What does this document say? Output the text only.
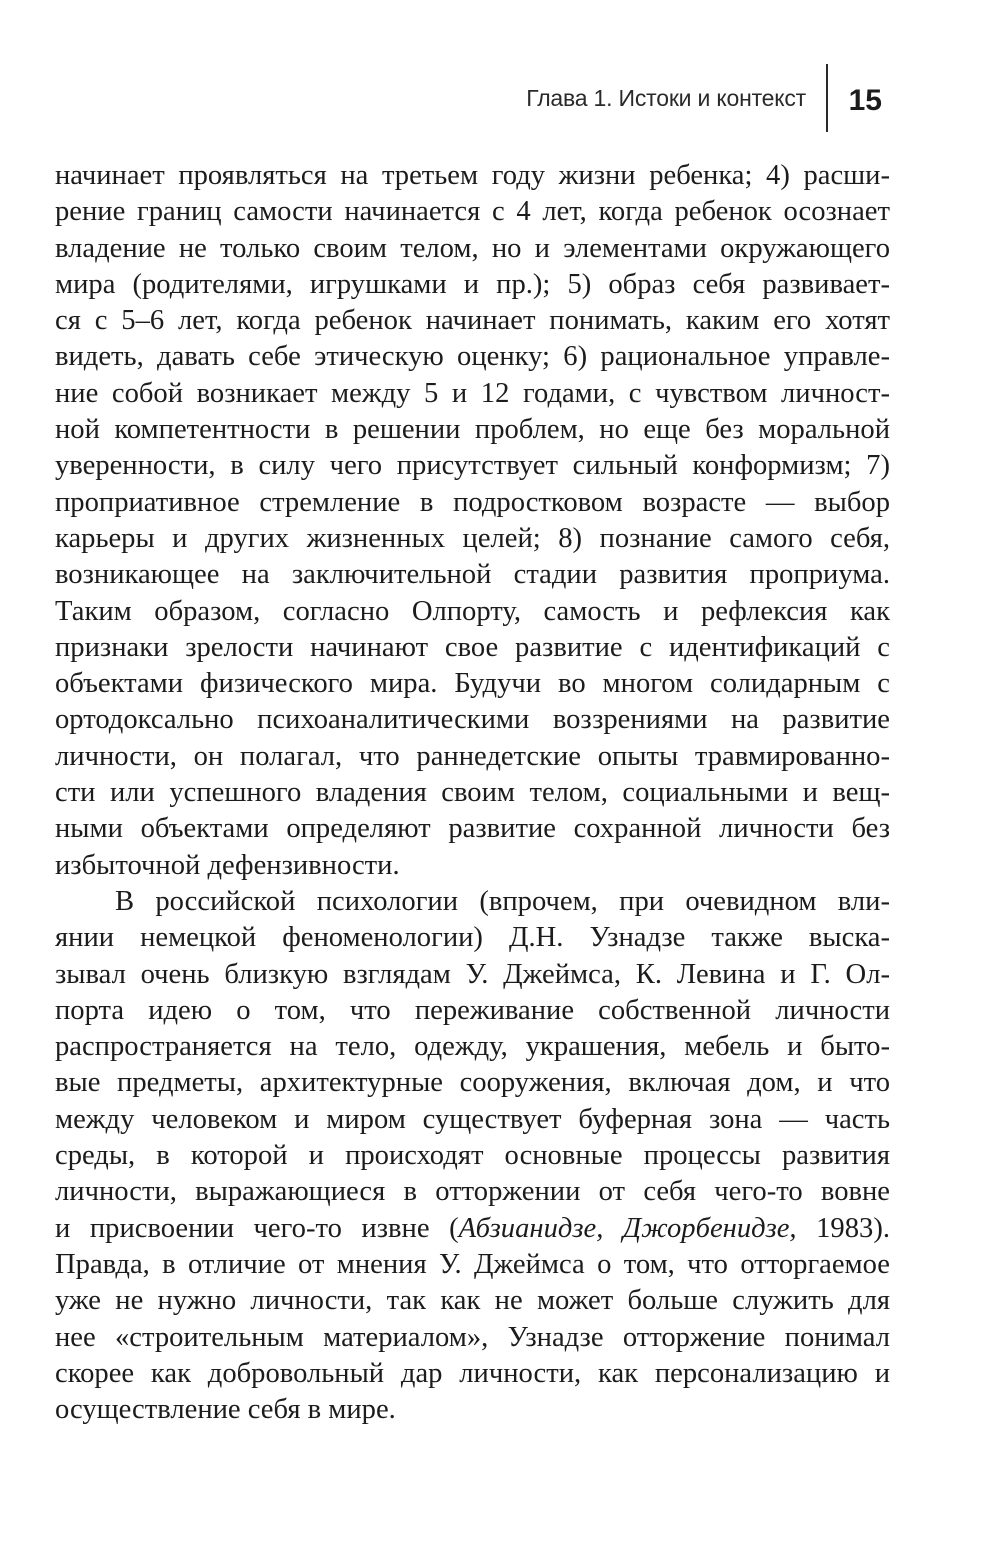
Глава 1. Истоки и контекст	15
начинает проявляться на третьем году жизни ребенка; 4) расши-
рение границ самости начинается с 4 лет, когда ребенок осознает
владение не только своим телом, но и элементами окружающего
мира (родителями, игрушками и пр.); 5) образ себя развивает-
ся с 5–6 лет, когда ребенок начинает понимать, каким его хотят
видеть, давать себе этическую оценку; 6) рациональное управле-
ние собой возникает между 5 и 12 годами, с чувством личност-
ной компетентности в решении проблем, но еще без моральной
уверенности, в силу чего присутствует сильный конформизм; 7)
проприативное стремление в подростковом возрасте — выбор
карьеры и других жизненных целей; 8) познание самого себя,
возникающее на заключительной стадии развития проприума.
Таким образом, согласно Олпорту, самость и рефлексия как
признаки зрелости начинают свое развитие с идентификаций с
объектами физического мира. Будучи во многом солидарным с
ортодоксально психоаналитическими воззрениями на развитие
личности, он полагал, что раннедетские опыты травмированно-
сти или успешного владения своим телом, социальными и вещ-
ными объектами определяют развитие сохранной личности без
избыточной дефензивности.
В российской психологии (впрочем, при очевидном вли-
янии немецкой феноменологии) Д.Н. Узнадзе также выска-
зывал очень близкую взглядам У. Джеймса, К. Левина и Г. Ол-
порта идею о том, что переживание собственной личности
распространяется на тело, одежду, украшения, мебель и быто-
вые предметы, архитектурные сооружения, включая дом, и что
между человеком и миром существует буферная зона — часть
среды, в которой и происходят основные процессы развития
личности, выражающиеся в отторжении от себя чего-то вовне
и присвоении чего-то извне (Абзианидзе, Джорбенидзе, 1983).
Правда, в отличие от мнения У. Джеймса о том, что отторгаемое
уже не нужно личности, так как не может больше служить для
нее «строительным материалом», Узнадзе отторжение понимал
скорее как добровольный дар личности, как персонализацию и
осуществление себя в мире.
